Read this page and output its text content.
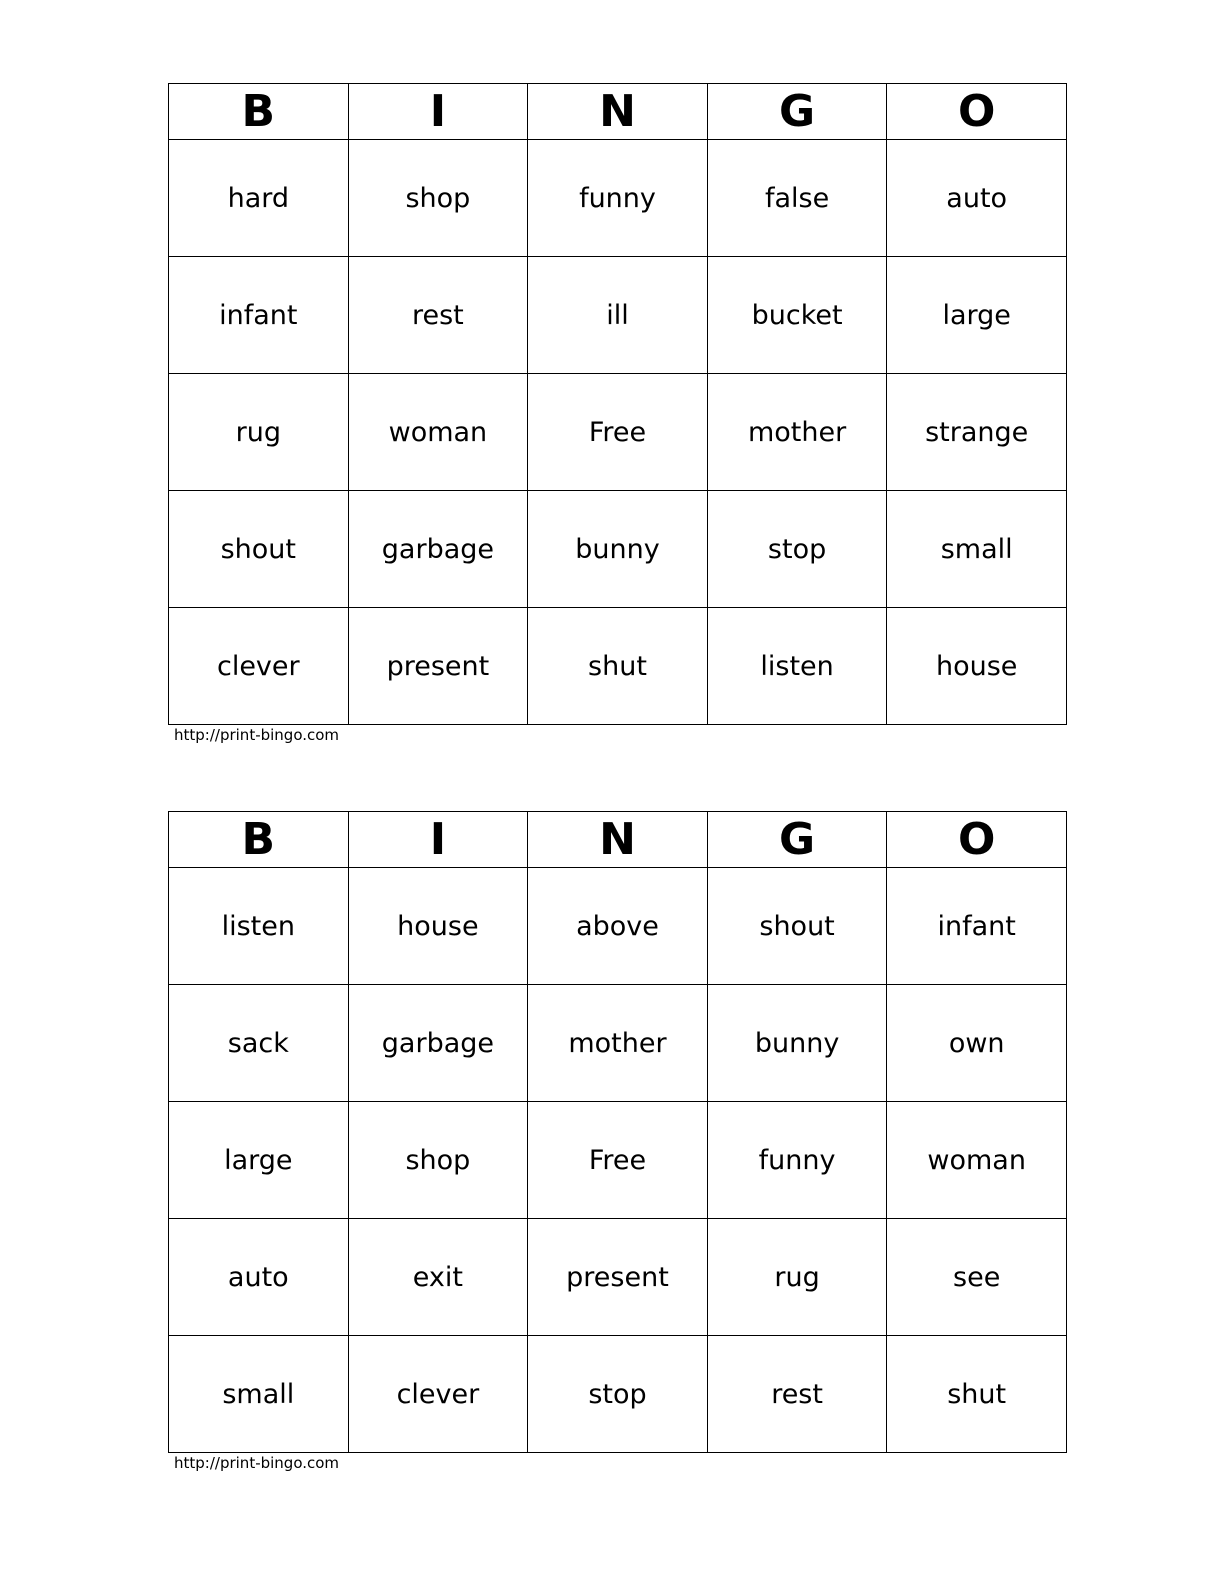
B	I	N	G	O
hard	shop	funny	false	auto
infant	rest	ill	bucket	large
rug	woman	Free	mother	strange
shout	garbage	bunny	stop	small
clever	present	shut	listen	house
http://print-bingo.com
B	I	N	G	O
listen	house	above	shout	infant
sack	garbage	mother	bunny	own
large	shop	Free	funny	woman
auto	exit	present	rug	see
small	clever	stop	rest	shut
http://print-bingo.com
